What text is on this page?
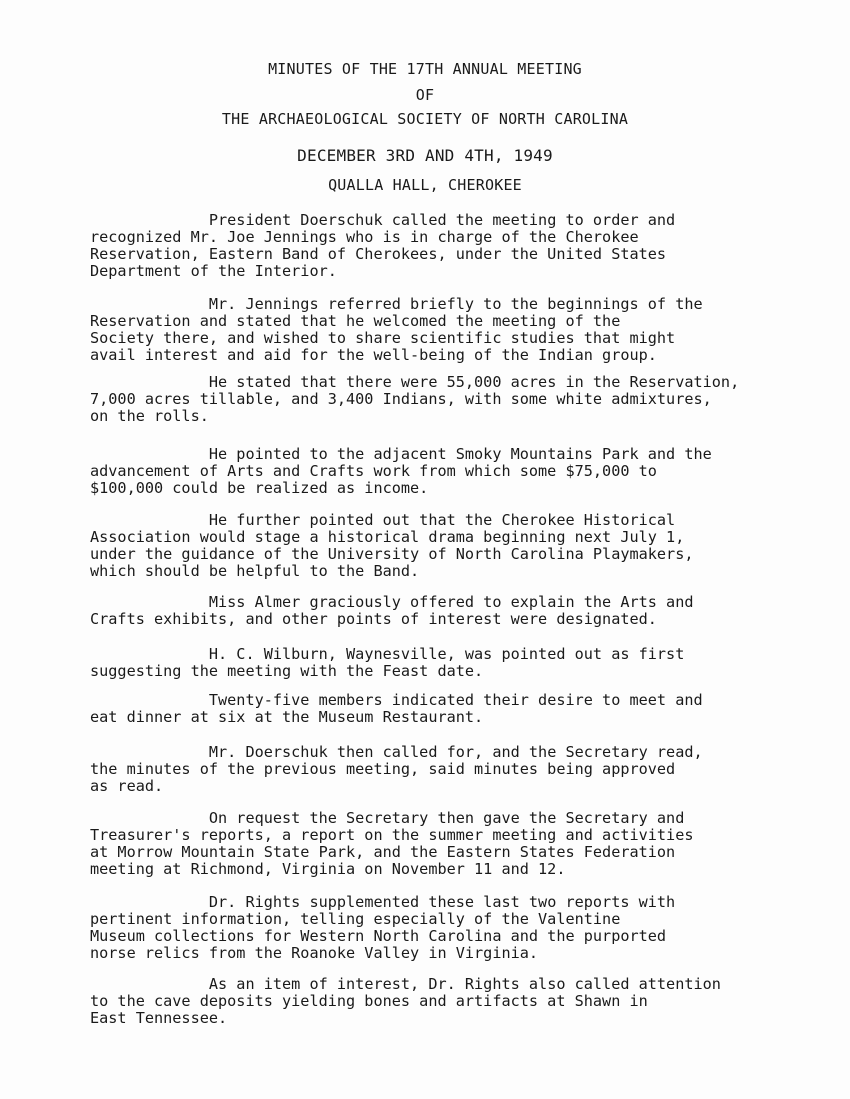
MINUTES OF THE 17TH ANNUAL MEETING
OF
THE ARCHAEOLOGICAL SOCIETY OF NORTH CAROLINA
DECEMBER 3RD AND 4TH, 1949
QUALLA HALL, CHEROKEE
President Doerschuk called the meeting to order and
recognized Mr. Joe Jennings who is in charge of the Cherokee
Reservation, Eastern Band of Cherokees, under the United States
Department of the Interior.
Mr. Jennings referred briefly to the beginnings of the
Reservation and stated that he welcomed the meeting of the
Society there, and wished to share scientific studies that might
avail interest and aid for the well-being of the Indian group.
He stated that there were 55,000 acres in the Reservation,
7,000 acres tillable, and 3,400 Indians, with some white admixtures,
on the rolls.
He pointed to the adjacent Smoky Mountains Park and the
advancement of Arts and Crafts work from which some $75,000 to
$100,000 could be realized as income.
He further pointed out that the Cherokee Historical
Association would stage a historical drama beginning next July 1,
under the guidance of the University of North Carolina Playmakers,
which should be helpful to the Band.
Miss Almer graciously offered to explain the Arts and
Crafts exhibits, and other points of interest were designated.
H. C. Wilburn, Waynesville, was pointed out as first
suggesting the meeting with the Feast date.
Twenty-five members indicated their desire to meet and
eat dinner at six at the Museum Restaurant.
Mr. Doerschuk then called for, and the Secretary read,
the minutes of the previous meeting, said minutes being approved
as read.
On request the Secretary then gave the Secretary and
Treasurer's reports, a report on the summer meeting and activities
at Morrow Mountain State Park, and the Eastern States Federation
meeting at Richmond, Virginia on November 11 and 12.
Dr. Rights supplemented these last two reports with
pertinent information, telling especially of the Valentine
Museum collections for Western North Carolina and the purported
norse relics from the Roanoke Valley in Virginia.
As an item of interest, Dr. Rights also called attention
to the cave deposits yielding bones and artifacts at Shawn in
East Tennessee.
